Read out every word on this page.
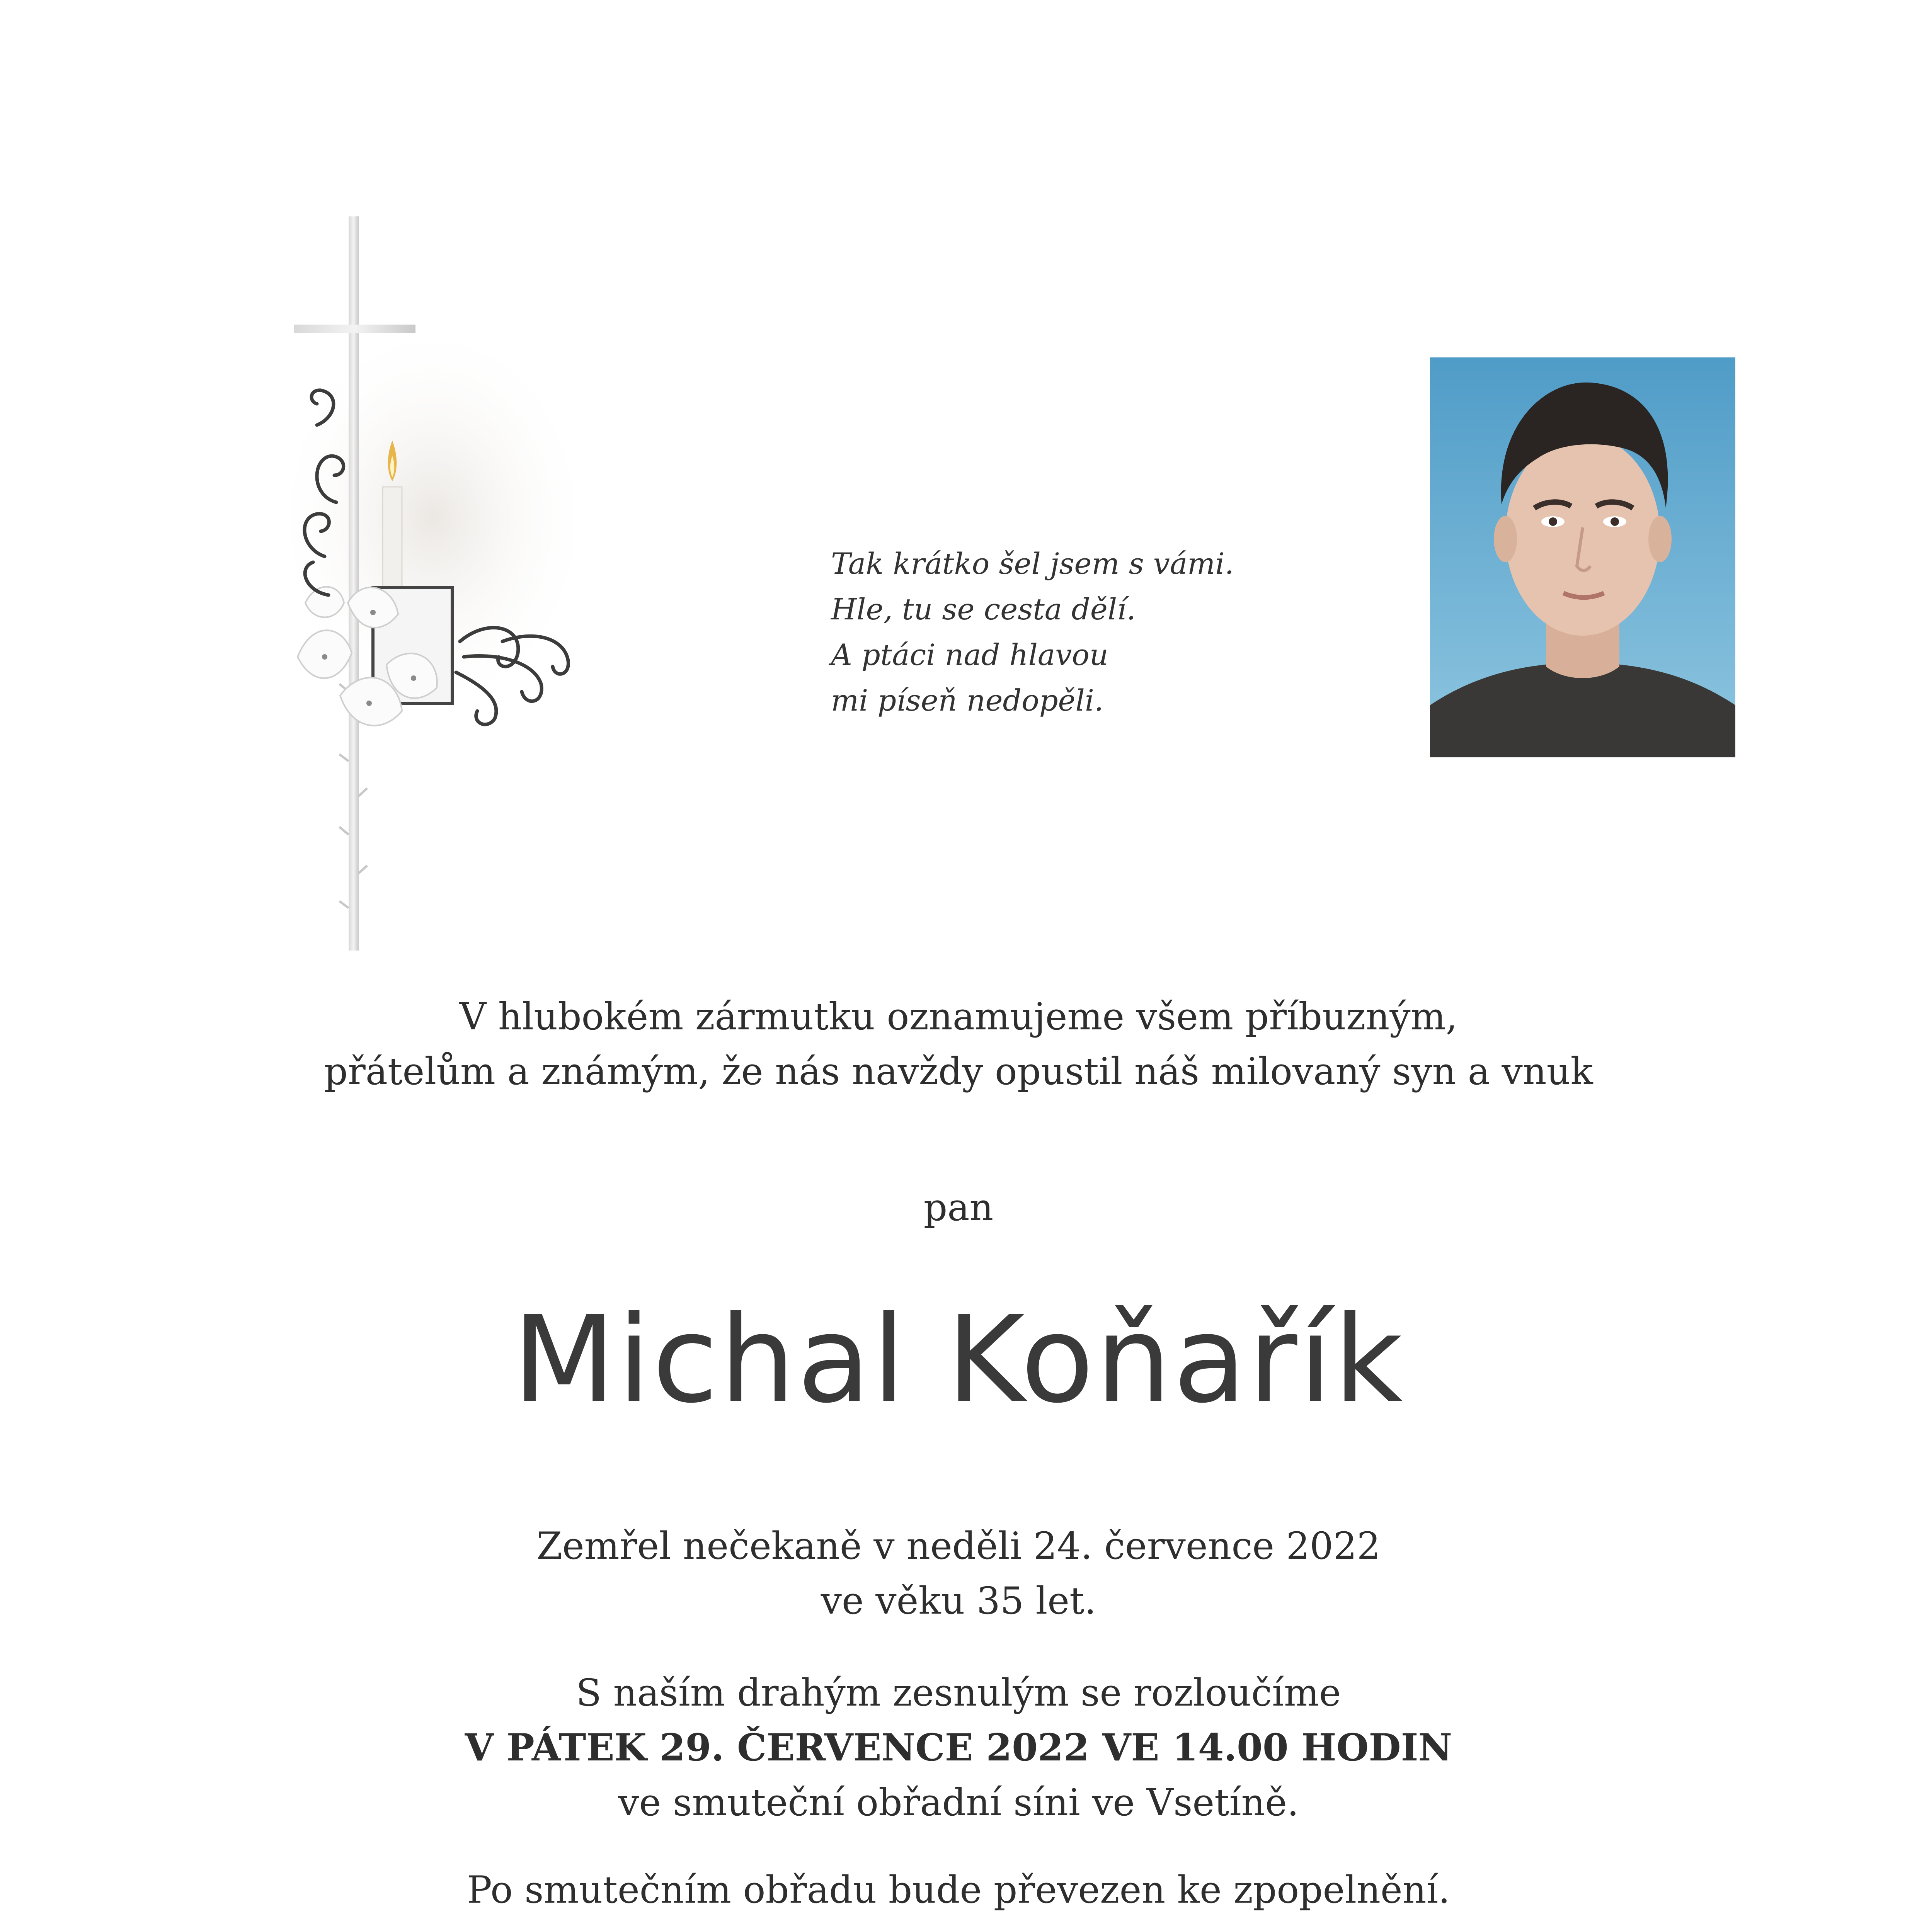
Tak krátko šel jsem s vámi.
Hle, tu se cesta dělí.
A ptáci nad hlavou
mi píseň nedopěli.
V hlubokém zármutku oznamujeme všem příbuzným,
přátelům a známým, že nás navždy opustil náš milovaný syn a vnuk
pan
Michal Koňařík
Zemřel nečekaně v neděli 24. července 2022
ve věku 35 let.
S naším drahým zesnulým se rozloučíme
V PÁTEK 29. ČERVENCE 2022 VE 14.00 HODIN
ve smuteční obřadní síni ve Vsetíně.
Po smutečním obřadu bude převezen ke zpopelnění.
